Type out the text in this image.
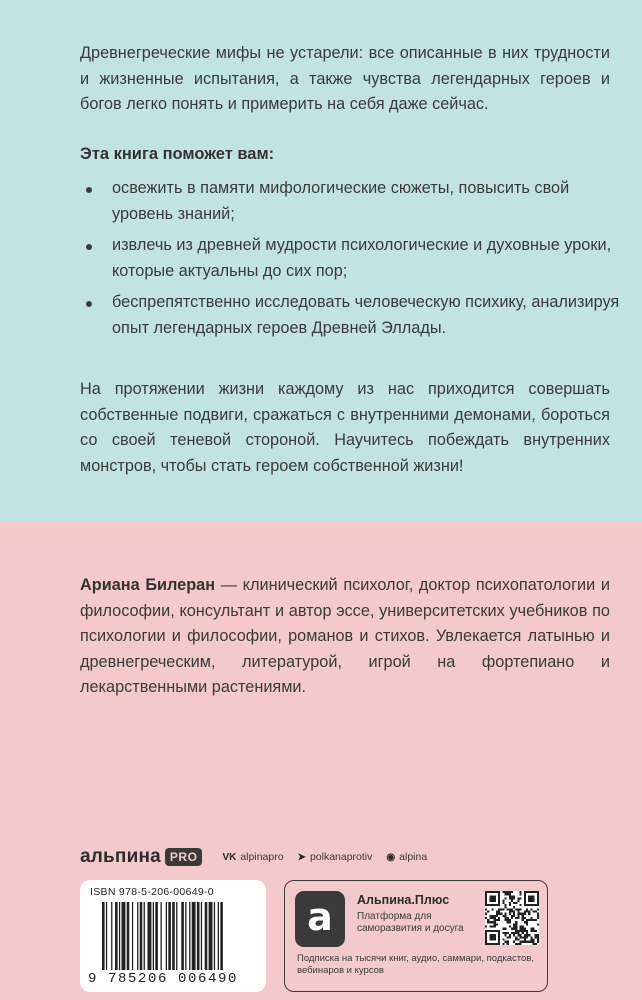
Древнегреческие мифы не устарели: все описанные в них трудности и жизненные испытания, а также чувства легендарных героев и богов легко понять и примерить на себя даже сейчас.

Эта книга поможет вам:
освежить в памяти мифологические сюжеты, повысить свой уровень знаний;
извлечь из древней мудрости психологические и духовные уроки, которые актуальны до сих пор;
беспрепятственно исследовать человеческую психику, анализируя опыт легендарных героев Древней Эллады.

На протяжении жизни каждому из нас приходится совершать собственные подвиги, сражаться с внутренними демонами, бороться со своей теневой стороной. Научитесь побеждать внутренних монстров, чтобы стать героем собственной жизни!

Ариана Билеран — клинический психолог, доктор психопатологии и философии, консультант и автор эссе, университетских учебников по психологии и философии, романов и стихов. Увлекается латынью и древнегреческим, литературой, игрой на фортепиано и лекарственными растениями.

альпина PRO	VK alpinapro ➤ polkanaprotiv ◉ alpina
ISBN 978-5-206-00649-0
9 785206 006490
а	Альпина.Плюс
Платформа для саморазвития и досуга
Подписка на тысячи книг, аудио, саммари, подкастов, вебинаров и курсов
